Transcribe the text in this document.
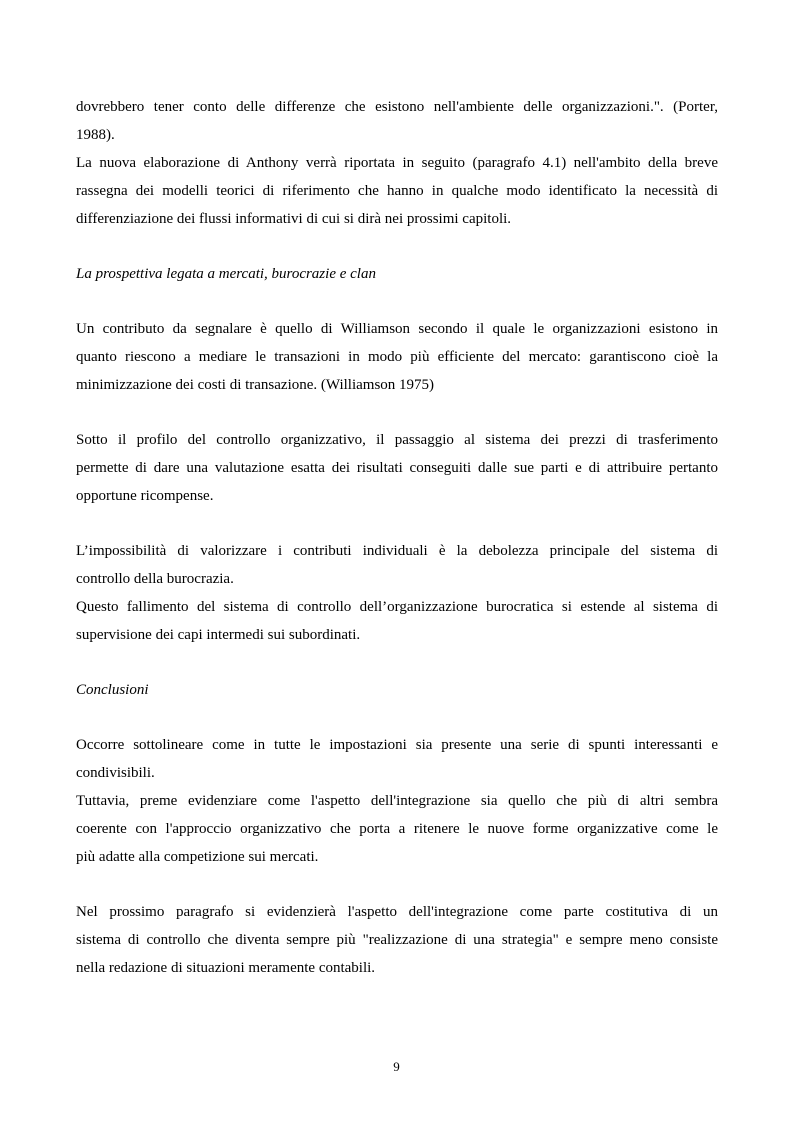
dovrebbero tener conto delle differenze che esistono nell'ambiente delle organizzazioni.". (Porter,

1988).

La nuova elaborazione di Anthony verrà riportata in seguito (paragrafo 4.1) nell'ambito della breve

rassegna dei modelli teorici di riferimento che hanno in qualche modo identificato la necessità di

differenziazione dei flussi informativi di cui si dirà nei prossimi capitoli.

La prospettiva legata a mercati, burocrazie e clan

Un contributo da segnalare è quello di Williamson secondo il quale le organizzazioni esistono in

quanto riescono a mediare le transazioni in modo più efficiente del mercato: garantiscono cioè la

minimizzazione dei costi di transazione. (Williamson 1975)

Sotto il profilo del controllo organizzativo, il passaggio al sistema dei prezzi di trasferimento

permette di dare una valutazione esatta dei risultati conseguiti dalle sue parti e di attribuire pertanto

opportune ricompense.

L’impossibilità di valorizzare i contributi individuali è la debolezza principale del sistema di

controllo della burocrazia.

Questo fallimento del sistema di controllo dell’organizzazione burocratica si estende al sistema di

supervisione dei capi intermedi sui subordinati.

Conclusioni

Occorre sottolineare come in tutte le impostazioni sia presente una serie di spunti interessanti e

condivisibili.

Tuttavia, preme evidenziare come l'aspetto dell'integrazione sia quello che più di altri sembra

coerente con l'approccio organizzativo che porta a ritenere le nuove forme organizzative come le

più adatte alla competizione sui mercati.

Nel prossimo paragrafo si evidenzierà l'aspetto dell'integrazione come parte costitutiva di un

sistema di controllo che diventa sempre più "realizzazione di una strategia" e sempre meno consiste

nella redazione di situazioni meramente contabili.

9
